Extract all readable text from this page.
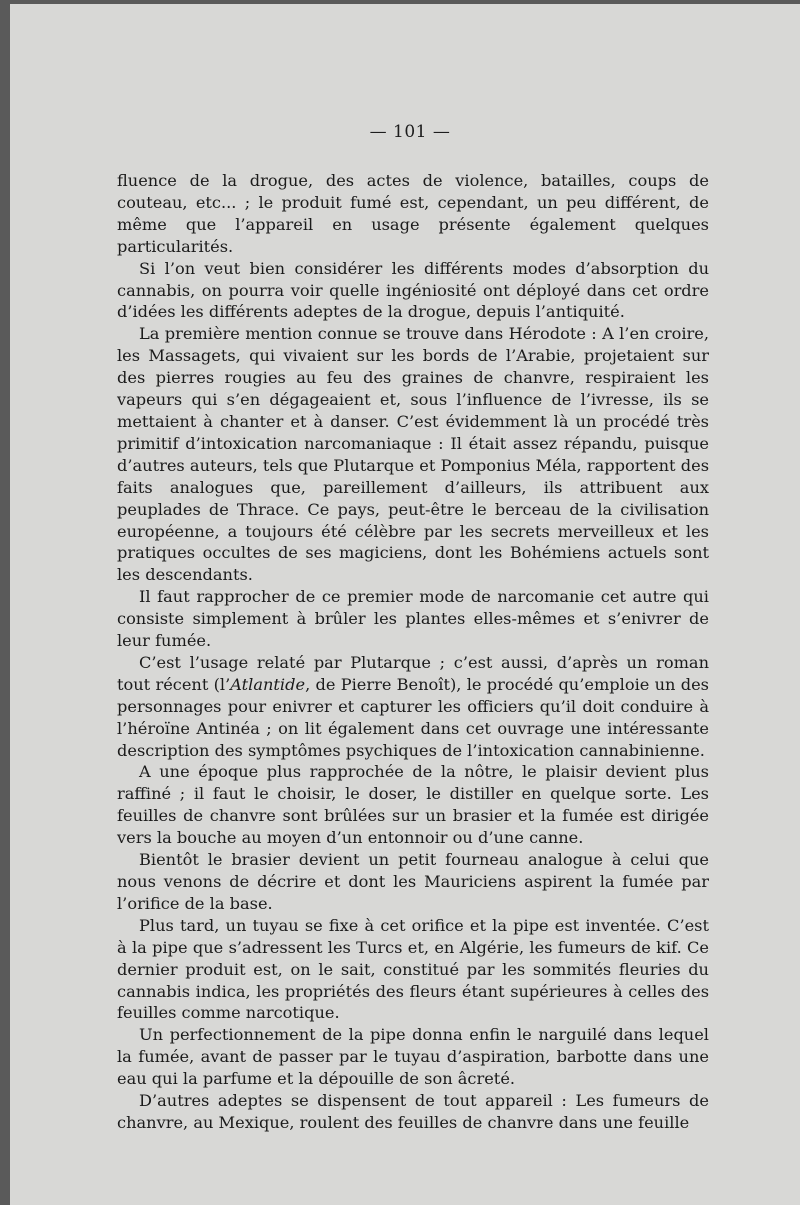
— 101 —

fluence de la drogue, des actes de violence, batailles, coups de couteau, etc... ; le produit fumé est, cependant, un peu différent, de même que l’appareil en usage présente également quelques particularités.

Si l’on veut bien considérer les différents modes d’absorption du cannabis, on pourra voir quelle ingéniosité ont déployé dans cet ordre d’idées les différents adeptes de la drogue, depuis l’antiquité.

La première mention connue se trouve dans Hérodote : A l’en croire, les Massagets, qui vivaient sur les bords de l’Arabie, projetaient sur des pierres rougies au feu des graines de chanvre, respiraient les vapeurs qui s’en dégageaient et, sous l’influence de l’ivresse, ils se mettaient à chanter et à danser. C’est évidemment là un procédé très primitif d’intoxication narcomaniaque : Il était assez répandu, puisque d’autres auteurs, tels que Plutarque et Pomponius Méla, rapportent des faits analogues que, pareillement d’ailleurs, ils attribuent aux peuplades de Thrace. Ce pays, peut-être le berceau de la civilisation européenne, a toujours été célèbre par les secrets merveilleux et les pratiques occultes de ses magiciens, dont les Bohémiens actuels sont les descendants.

Il faut rapprocher de ce premier mode de narcomanie cet autre qui consiste simplement à brûler les plantes elles-mêmes et s’enivrer de leur fumée.

C’est l’usage relaté par Plutarque ; c’est aussi, d’après un roman tout récent (l’Atlantide, de Pierre Benoît), le procédé qu’emploie un des personnages pour enivrer et capturer les officiers qu’il doit conduire à l’héroïne Antinéa ; on lit également dans cet ouvrage une intéressante description des symptômes psychiques de l’intoxication cannabinienne.

A une époque plus rapprochée de la nôtre, le plaisir devient plus raffiné ; il faut le choisir, le doser, le distiller en quelque sorte. Les feuilles de chanvre sont brûlées sur un brasier et la fumée est dirigée vers la bouche au moyen d’un entonnoir ou d’une canne.

Bientôt le brasier devient un petit fourneau analogue à celui que nous venons de décrire et dont les Mauriciens aspirent la fumée par l’orifice de la base.

Plus tard, un tuyau se fixe à cet orifice et la pipe est inventée. C’est à la pipe que s’adressent les Turcs et, en Algérie, les fumeurs de kif. Ce dernier produit est, on le sait, constitué par les sommités fleuries du cannabis indica, les propriétés des fleurs étant supérieures à celles des feuilles comme narcotique.

Un perfectionnement de la pipe donna enfin le narguilé dans lequel la fumée, avant de passer par le tuyau d’aspiration, barbotte dans une eau qui la parfume et la dépouille de son âcreté.

D’autres adeptes se dispensent de tout appareil : Les fumeurs de chanvre, au Mexique, roulent des feuilles de chanvre dans une feuille
